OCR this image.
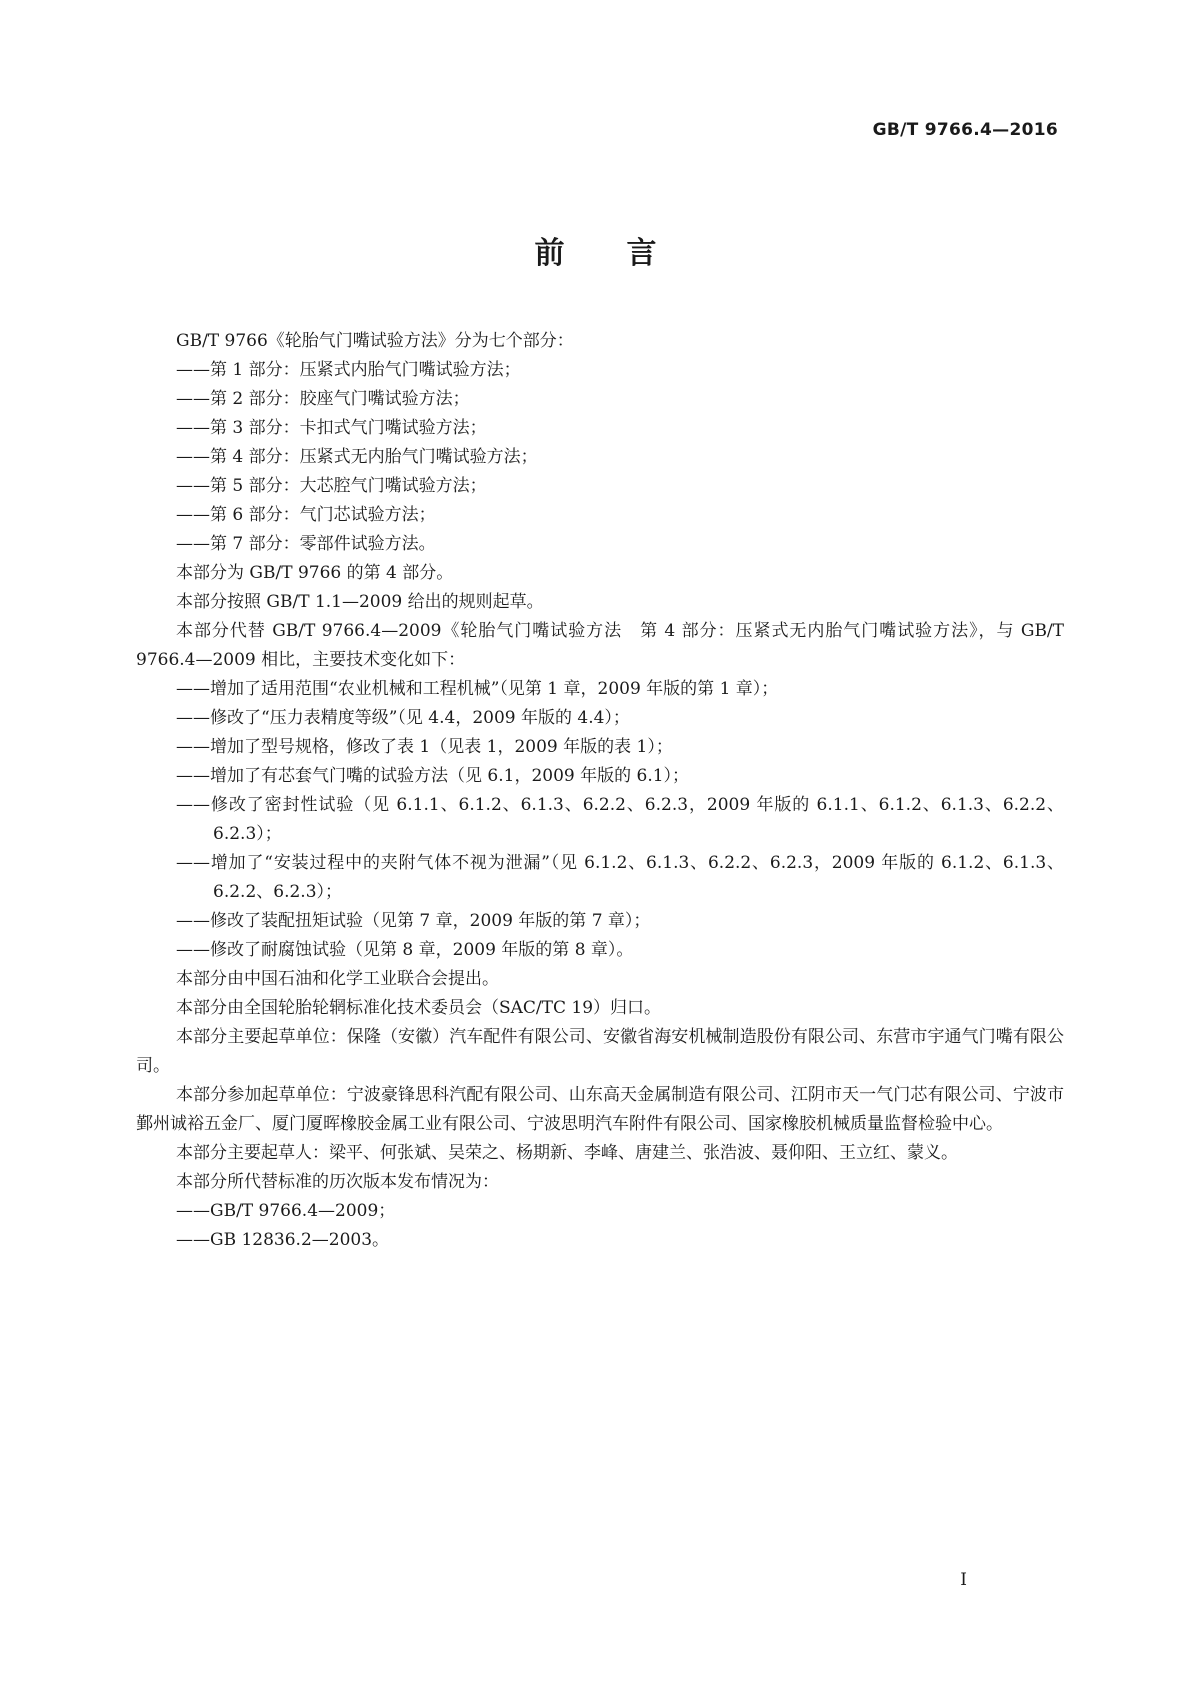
GB/T 9766.4—2016
前 言

GB/T 9766《轮胎气门嘴试验方法》分为七个部分：

——第 1 部分：压紧式内胎气门嘴试验方法；

——第 2 部分：胶座气门嘴试验方法；

——第 3 部分：卡扣式气门嘴试验方法；

——第 4 部分：压紧式无内胎气门嘴试验方法；

——第 5 部分：大芯腔气门嘴试验方法；

——第 6 部分：气门芯试验方法；

——第 7 部分：零部件试验方法。

本部分为 GB/T 9766 的第 4 部分。

本部分按照 GB/T 1.1—2009 给出的规则起草。

本部分代替 GB/T 9766.4—2009《轮胎气门嘴试验方法　第 4 部分：压紧式无内胎气门嘴试验方法》，与 GB/T 9766.4—2009 相比，主要技术变化如下：

——增加了适用范围“农业机械和工程机械”（见第 1 章，2009 年版的第 1 章）；

——修改了“压力表精度等级”（见 4.4，2009 年版的 4.4）；

——增加了型号规格，修改了表 1（见表 1，2009 年版的表 1）；

——增加了有芯套气门嘴的试验方法（见 6.1，2009 年版的 6.1）；

——修改了密封性试验（见 6.1.1、6.1.2、6.1.3、6.2.2、6.2.3，2009 年版的 6.1.1、6.1.2、6.1.3、6.2.2、6.2.3）；

——增加了“安装过程中的夹附气体不视为泄漏”（见 6.1.2、6.1.3、6.2.2、6.2.3，2009 年版的 6.1.2、6.1.3、6.2.2、6.2.3）；

——修改了装配扭矩试验（见第 7 章，2009 年版的第 7 章）；

——修改了耐腐蚀试验（见第 8 章，2009 年版的第 8 章）。

本部分由中国石油和化学工业联合会提出。

本部分由全国轮胎轮辋标准化技术委员会（SAC/TC 19）归口。

本部分主要起草单位：保隆（安徽）汽车配件有限公司、安徽省海安机械制造股份有限公司、东营市宇通气门嘴有限公司。

本部分参加起草单位：宁波豪锋思科汽配有限公司、山东高天金属制造有限公司、江阴市天一气门芯有限公司、宁波市鄞州诚裕五金厂、厦门厦晖橡胶金属工业有限公司、宁波思明汽车附件有限公司、国家橡胶机械质量监督检验中心。

本部分主要起草人：梁平、何张斌、吴荣之、杨期新、李峰、唐建兰、张浩波、聂仰阳、王立红、蒙义。

本部分所代替标准的历次版本发布情况为：

——GB/T 9766.4—2009；

——GB 12836.2—2003。

I
